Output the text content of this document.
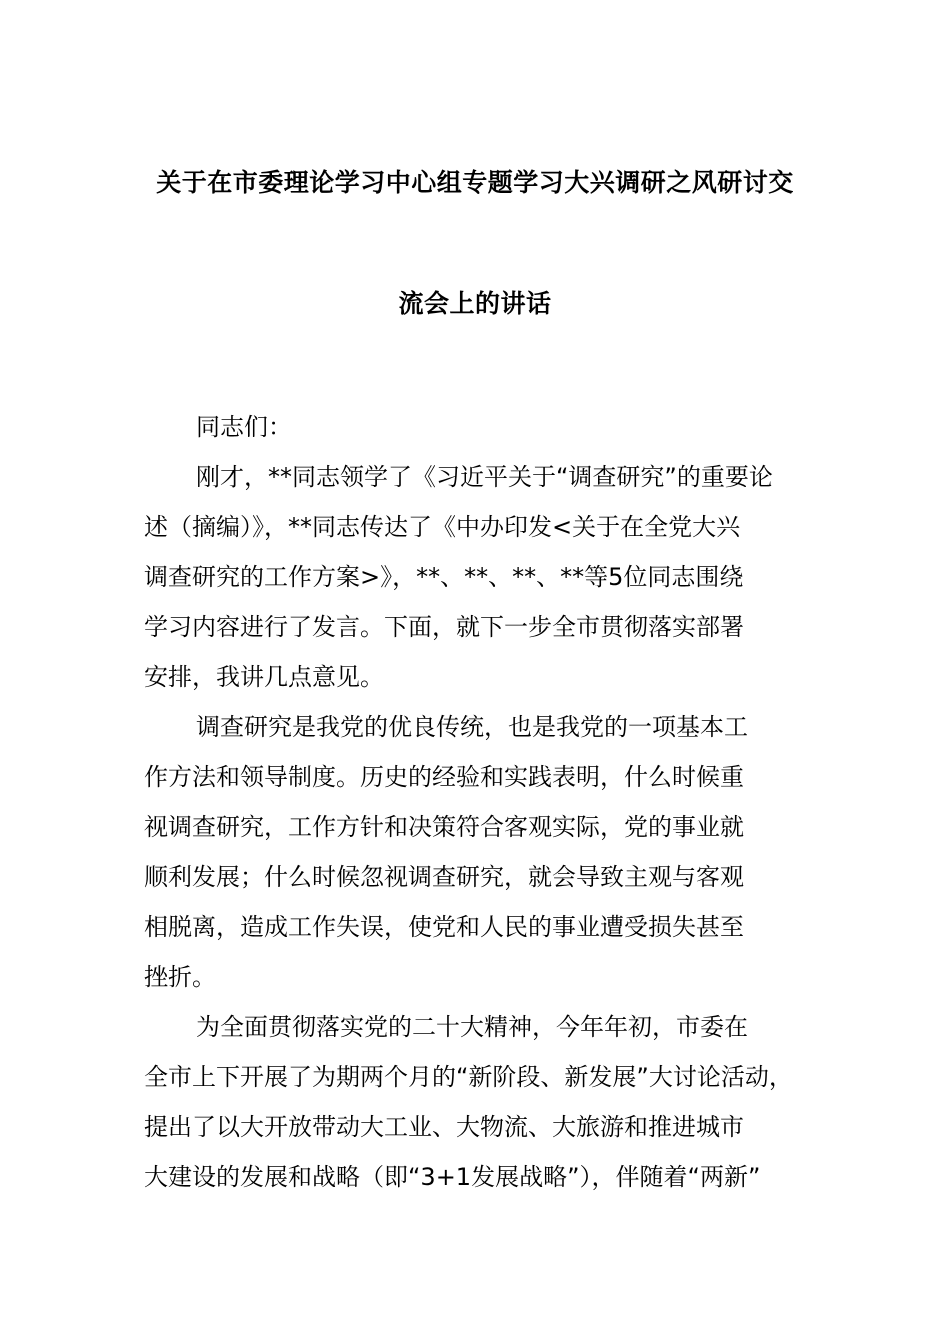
关于在市委理论学习中心组专题学习大兴调研之风研讨交
流会上的讲话
同志们：
刚才，**同志领学了《习近平关于“调查研究”的重要论
述（摘编）》，**同志传达了《中办印发<关于在全党大兴
调查研究的工作方案>》，**、**、**、**等5位同志围绕
学习内容进行了发言。下面，就下一步全市贯彻落实部署
安排，我讲几点意见。
调查研究是我党的优良传统，也是我党的一项基本工
作方法和领导制度。历史的经验和实践表明，什么时候重
视调查研究，工作方针和决策符合客观实际，党的事业就
顺利发展；什么时候忽视调查研究，就会导致主观与客观
相脱离，造成工作失误，使党和人民的事业遭受损失甚至
挫折。
为全面贯彻落实党的二十大精神，今年年初，市委在
全市上下开展了为期两个月的“新阶段、新发展”大讨论活动，
提出了以大开放带动大工业、大物流、大旅游和推进城市
大建设的发展和战略（即“3+1发展战略”），伴随着“两新”
